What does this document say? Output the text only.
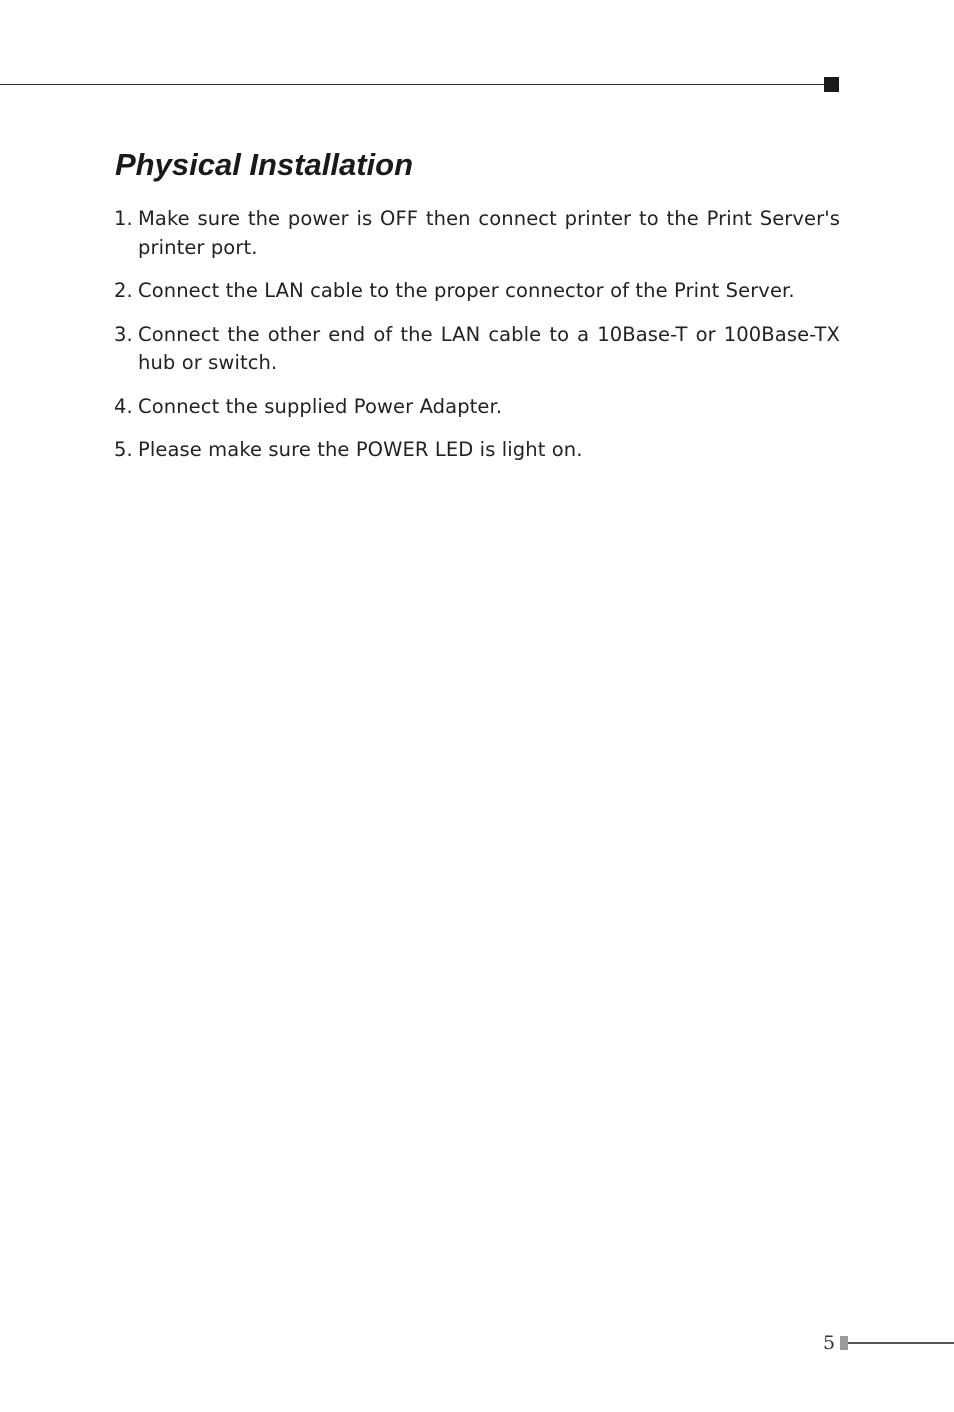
Physical Installation
1. Make sure the power is OFF then connect printer to the Print Server's printer port.
2. Connect the LAN cable to the proper connector of the Print Server.
3. Connect the other end of the LAN cable to a 10Base-T or 100Base-TX hub or switch.
4. Connect the supplied Power Adapter.
5. Please make sure the POWER LED is light on.
5
